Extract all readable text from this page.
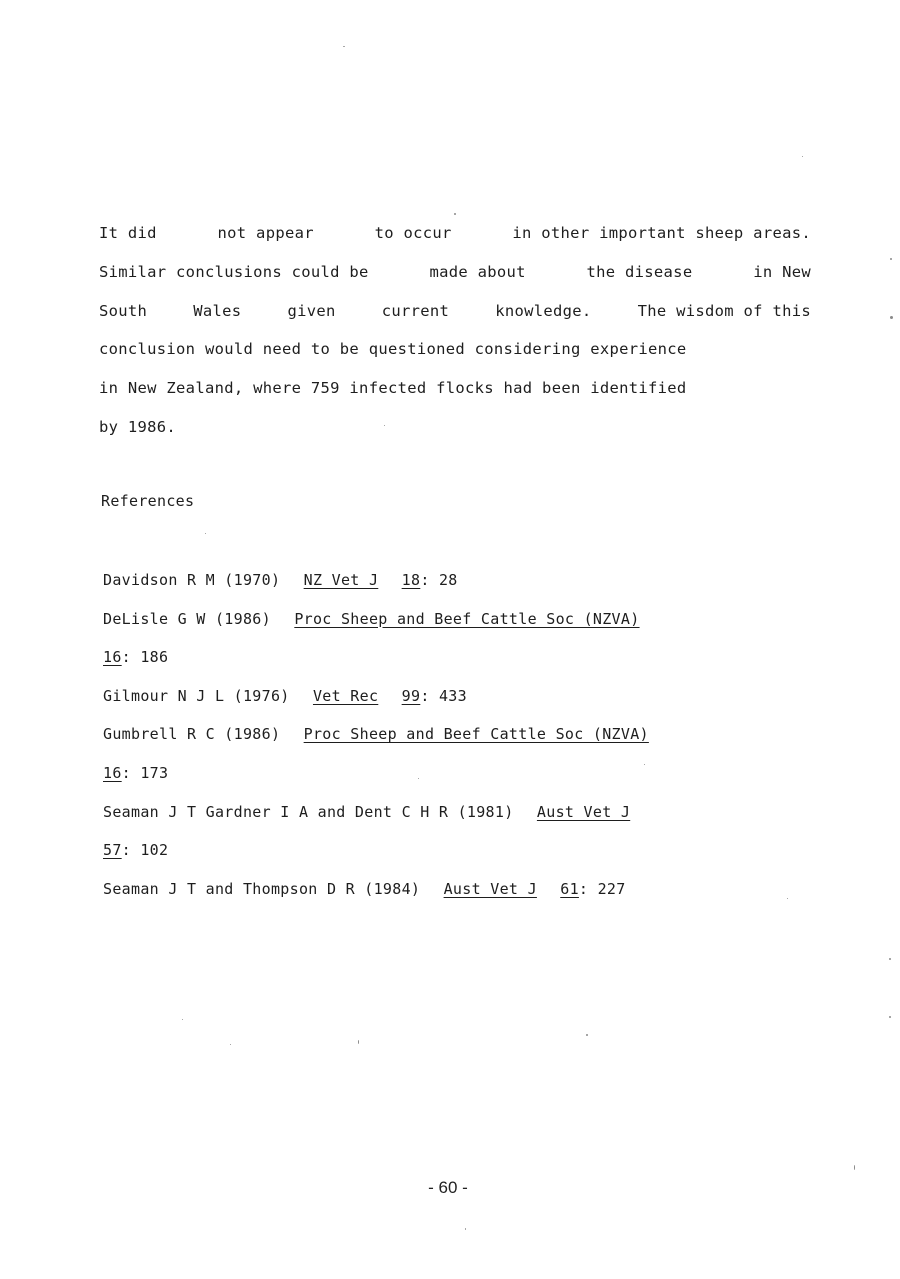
It did	not appear	to occur	in other important sheep areas.
Similar conclusions could be	made about	the disease	in New
South	Wales	given	current	knowledge.	The wisdom of this
conclusion would need to be questioned considering experience
in New Zealand, where 759 infected flocks had been identified
by 1986.
References
Davidson R M (1970) NZ Vet J 18: 28
DeLisle G W (1986) Proc Sheep and Beef Cattle Soc (NZVA)
16: 186
Gilmour N J L (1976) Vet Rec 99: 433
Gumbrell R C (1986) Proc Sheep and Beef Cattle Soc (NZVA)
16: 173
Seaman J T Gardner I A and Dent C H R (1981) Aust Vet J
57: 102
Seaman J T and Thompson D R (1984) Aust Vet J 61: 227
- 60 -
